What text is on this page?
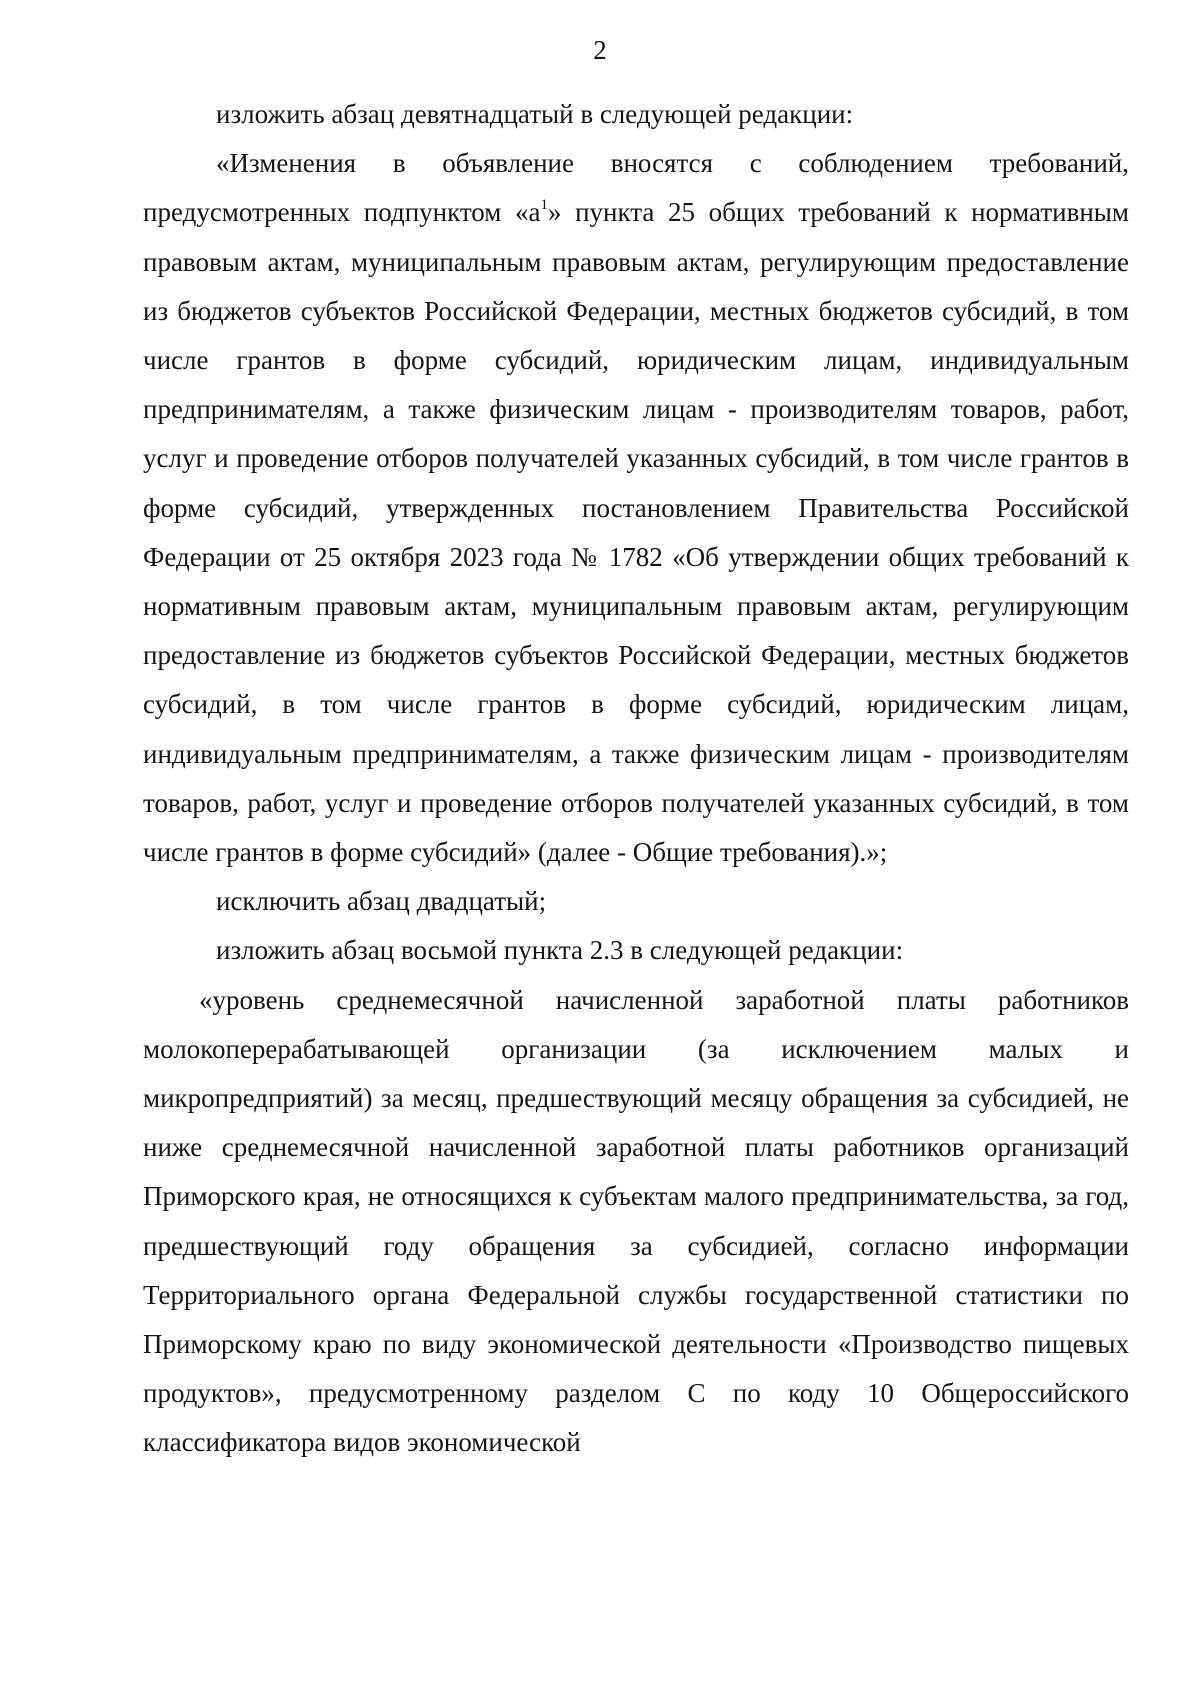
2

изложить абзац девятнадцатый в следующей редакции:

«Изменения в объявление вносятся с соблюдением требований, предусмотренных подпунктом «$а^1$» пункта 25 общих требований к нормативным правовым актам, муниципальным правовым актам, регулирующим предоставление из бюджетов субъектов Российской Федерации, местных бюджетов субсидий, в том числе грантов в форме субсидий, юридическим лицам, индивидуальным предпринимателям, а также физическим лицам - производителям товаров, работ, услуг и проведение отборов получателей указанных субсидий, в том числе грантов в форме субсидий, утвержденных постановлением Правительства Российской Федерации от 25 октября 2023 года № 1782 «Об утверждении общих требований к нормативным правовым актам, муниципальным правовым актам, регулирующим предоставление из бюджетов субъектов Российской Федерации, местных бюджетов субсидий, в том числе грантов в форме субсидий, юридическим лицам, индивидуальным предпринимателям, а также физическим лицам - производителям товаров, работ, услуг и проведение отборов получателей указанных субсидий, в том числе грантов в форме субсидий» (далее - Общие требования).»;

исключить абзац двадцатый;

изложить абзац восьмой пункта 2.3 в следующей редакции:

«уровень среднемесячной начисленной заработной платы работников молокоперерабатывающей организации (за исключением малых и микропредприятий) за месяц, предшествующий месяцу обращения за субсидией, не ниже среднемесячной начисленной заработной платы работников организаций Приморского края, не относящихся к субъектам малого предпринимательства, за год, предшествующий году обращения за субсидией, согласно информации Территориального органа Федеральной службы государственной статистики по Приморскому краю по виду экономической деятельности «Производство пищевых продуктов», предусмотренному разделом С по коду 10 Общероссийского классификатора видов экономической
